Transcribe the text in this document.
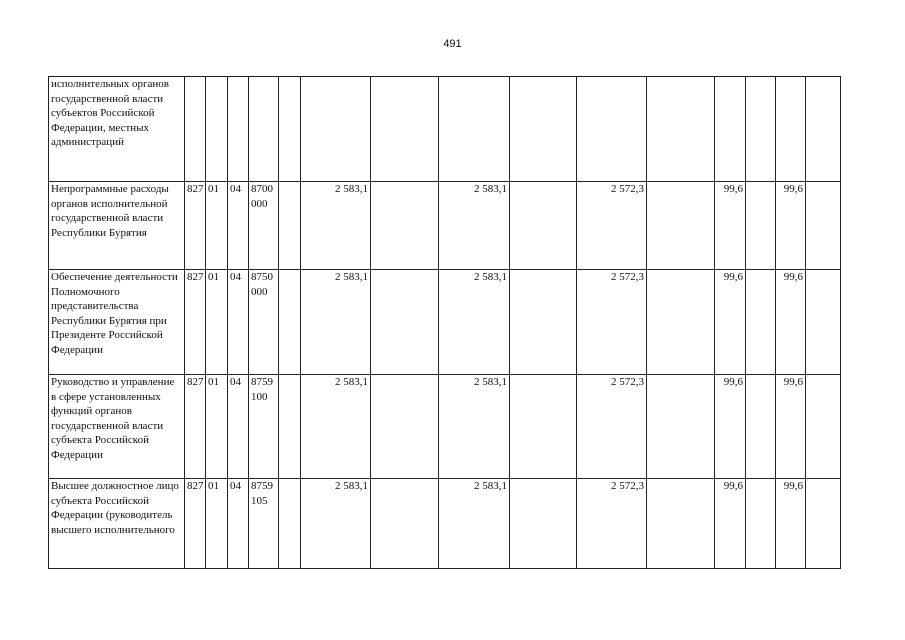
491
исполнительных органов государственной власти субъектов Российской Федерации, местных администраций															
Непрограммные расходы органов исполнительной государственной власти Республики Бурятия	827	01	04	8700 000		2 583,1		2 583,1		2 572,3		99,6		99,6	
Обеспечение деятельности Полномочного представительства Республики Бурятия при Президенте Российской Федерации	827	01	04	8750 000		2 583,1		2 583,1		2 572,3		99,6		99,6	
Руководство и управление в сфере установленных функций органов государственной власти субъекта Российской Федерации	827	01	04	8759 100		2 583,1		2 583,1		2 572,3		99,6		99,6	
Высшее должностное лицо субъекта Российской Федерации (руководитель высшего исполнительного	827	01	04	8759 105		2 583,1		2 583,1		2 572,3		99,6		99,6	
